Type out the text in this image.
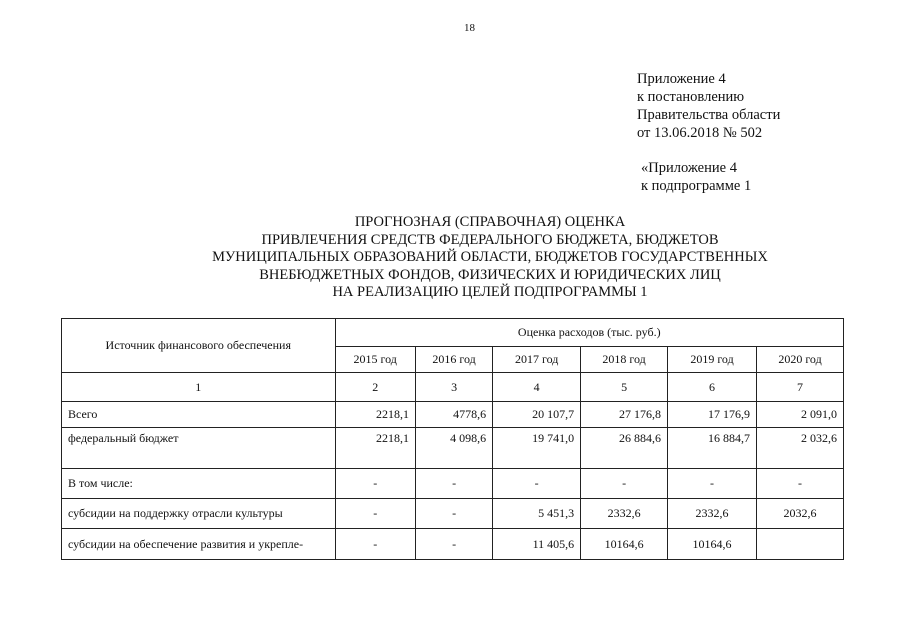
18
Приложение 4
к постановлению
Правительства области
от 13.06.2018 № 502
«Приложение 4
к подпрограмме 1
ПРОГНОЗНАЯ (СПРАВОЧНАЯ) ОЦЕНКА
ПРИВЛЕЧЕНИЯ СРЕДСТВ ФЕДЕРАЛЬНОГО БЮДЖЕТА, БЮДЖЕТОВ
МУНИЦИПАЛЬНЫХ ОБРАЗОВАНИЙ ОБЛАСТИ, БЮДЖЕТОВ ГОСУДАРСТВЕННЫХ
ВНЕБЮДЖЕТНЫХ ФОНДОВ, ФИЗИЧЕСКИХ И ЮРИДИЧЕСКИХ ЛИЦ
НА РЕАЛИЗАЦИЮ ЦЕЛЕЙ ПОДПРОГРАММЫ 1
Источник финансового обеспечения	Оценка расходов (тыс. руб.)					
	2015 год	2016 год	2017 год	2018 год	2019 год	2020 год
1	2	3	4	5	6	7
Всего	2218,1	4778,6	20 107,7	27 176,8	17 176,9	2 091,0
федеральный бюджет	2218,1	4 098,6	19 741,0	26 884,6	16 884,7	2 032,6
В том числе:	-	-	-	-	-	-
субсидии на поддержку отрасли культуры	-	-	5 451,3	2332,6	2332,6	2032,6
субсидии на обеспечение развития и укрепле-	-	-	11 405,6	10164,6	10164,6	
